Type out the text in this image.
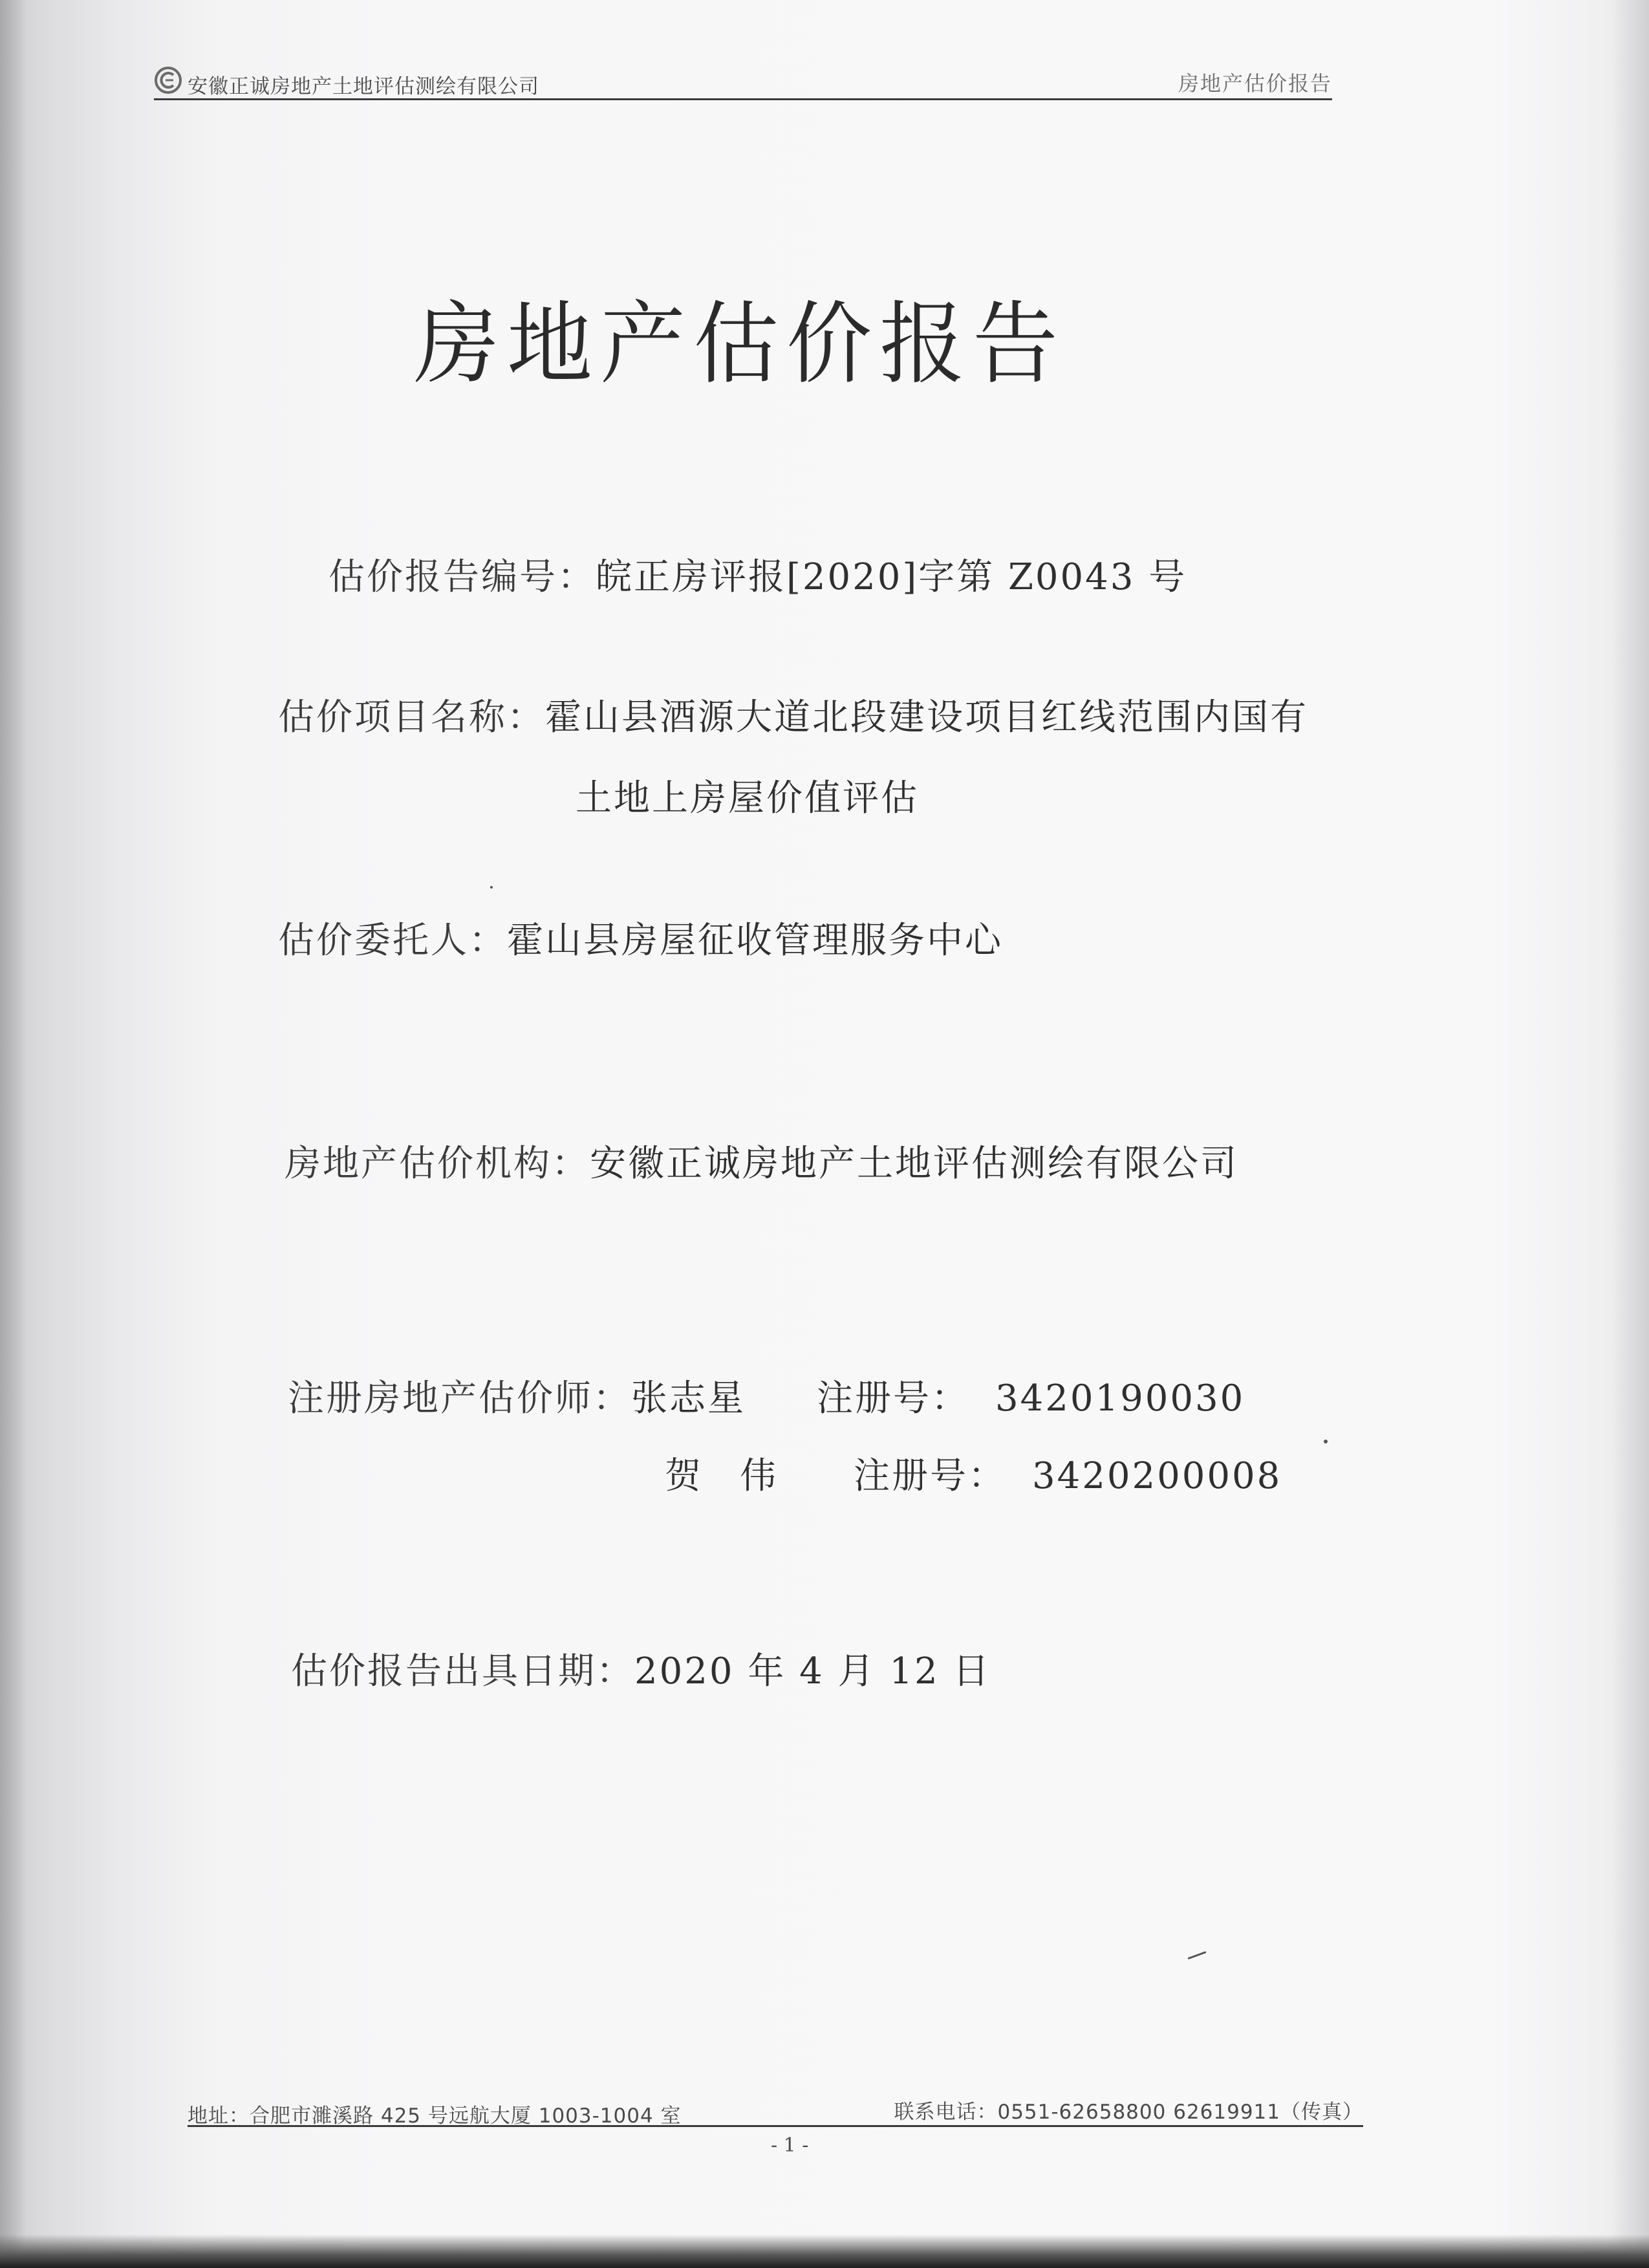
安徽正诚房地产土地评估测绘有限公司	房地产估价报告
房地产估价报告
估价报告编号：皖正房评报[2020]字第 Z0043 号
估价项目名称：霍山县酒源大道北段建设项目红线范围内国有
土地上房屋价值评估
估价委托人：霍山县房屋征收管理服务中心
房地产估价机构：安徽正诚房地产土地评估测绘有限公司
注册房地产估价师：张志星 注册号： 3420190030
贺伟 注册号： 3420200008
估价报告出具日期：2020 年 4 月 12 日
地址：合肥市濉溪路 425 号远航大厦 1003-1004 室	联系电话：0551-62658800 62619911（传真）
- 1 -
